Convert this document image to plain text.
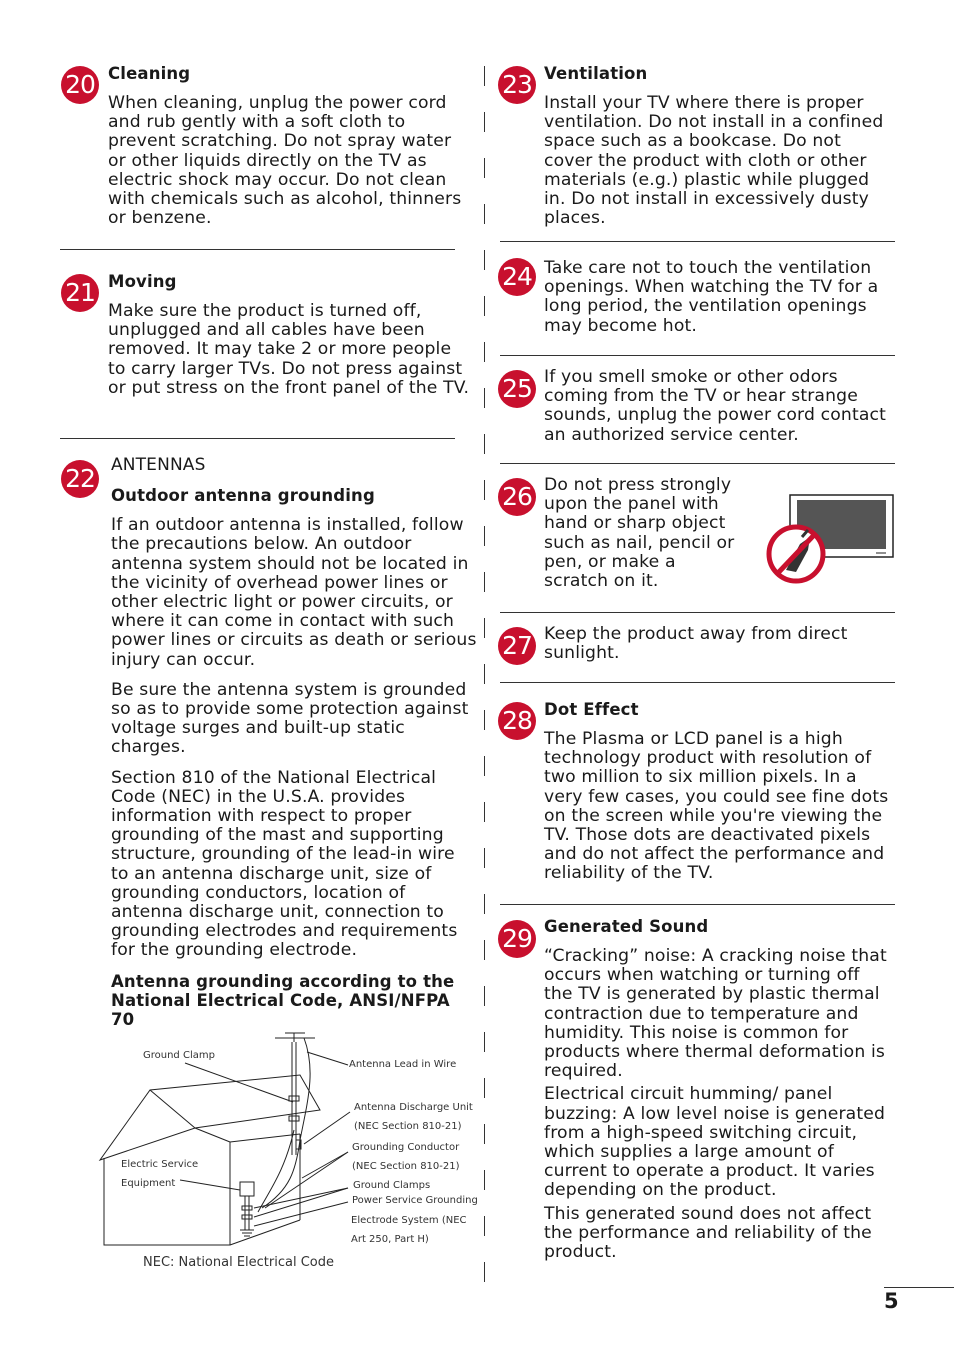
20 Cleaning

When cleaning, unplug the power cord and rub gently with a soft cloth to prevent scratching. Do not spray water or other liquids directly on the TV as electric shock may occur. Do not clean with chemicals such as alcohol, thinners or benzene.

21 Moving

Make sure the product is turned off, unplugged and all cables have been removed. It may take 2 or more people to carry larger TVs. Do not press against or put stress on the front panel of the TV.

22 ANTENNAS
Outdoor antenna grounding

If an outdoor antenna is installed, follow the precautions below. An outdoor antenna system should not be located in the vicinity of overhead power lines or other electric light or power circuits, or where it can come in contact with such power lines or circuits as death or serious injury can occur.

Be sure the antenna system is grounded so as to provide some protection against voltage surges and built-up static charges.

Section 810 of the National Electrical Code (NEC) in the U.S.A. provides information with respect to proper grounding of the mast and supporting structure, grounding of the lead-in wire to an antenna discharge unit, size of grounding conductors, location of antenna discharge unit, connection to grounding electrodes and requirements for the grounding electrode.

Antenna grounding according to the National Electrical Code, ANSI/NFPA 70
Ground Clamp
Antenna Lead in Wire
Antenna Discharge Unit
(NEC Section 810-21)
Grounding Conductor
(NEC Section 810-21)
Ground Clamps
Power Service Grounding
Electrode System (NEC
Art 250, Part H)
Electric Service
Equipment
NEC: National Electrical Code
23 Ventilation

Install your TV where there is proper ventilation. Do not install in a confined space such as a bookcase. Do not cover the product with cloth or other materials (e.g.) plastic while plugged in. Do not install in excessively dusty places.

24 Take care not to touch the ventilation openings. When watching the TV for a long period, the ventilation openings may become hot.

25 If you smell smoke or other odors coming from the TV or hear strange sounds, unplug the power cord contact an authorized service center.

26 Do not press strongly upon the panel with hand or sharp object such as nail, pencil or pen, or make a scratch on it.

27 Keep the product away from direct sunlight.

28 Dot Effect

The Plasma or LCD panel is a high technology product with resolution of two million to six million pixels. In a very few cases, you could see fine dots on the screen while you're viewing the TV. Those dots are deactivated pixels and do not affect the performance and reliability of the TV.

29 Generated Sound

“Cracking” noise: A cracking noise that occurs when watching or turning off the TV is generated by plastic thermal contraction due to temperature and humidity. This noise is common for products where thermal deformation is required.

Electrical circuit humming/ panel buzzing: A low level noise is generated from a high-speed switching circuit, which supplies a large amount of current to operate a product. It varies depending on the product.

This generated sound does not affect the performance and reliability of the product.

5
